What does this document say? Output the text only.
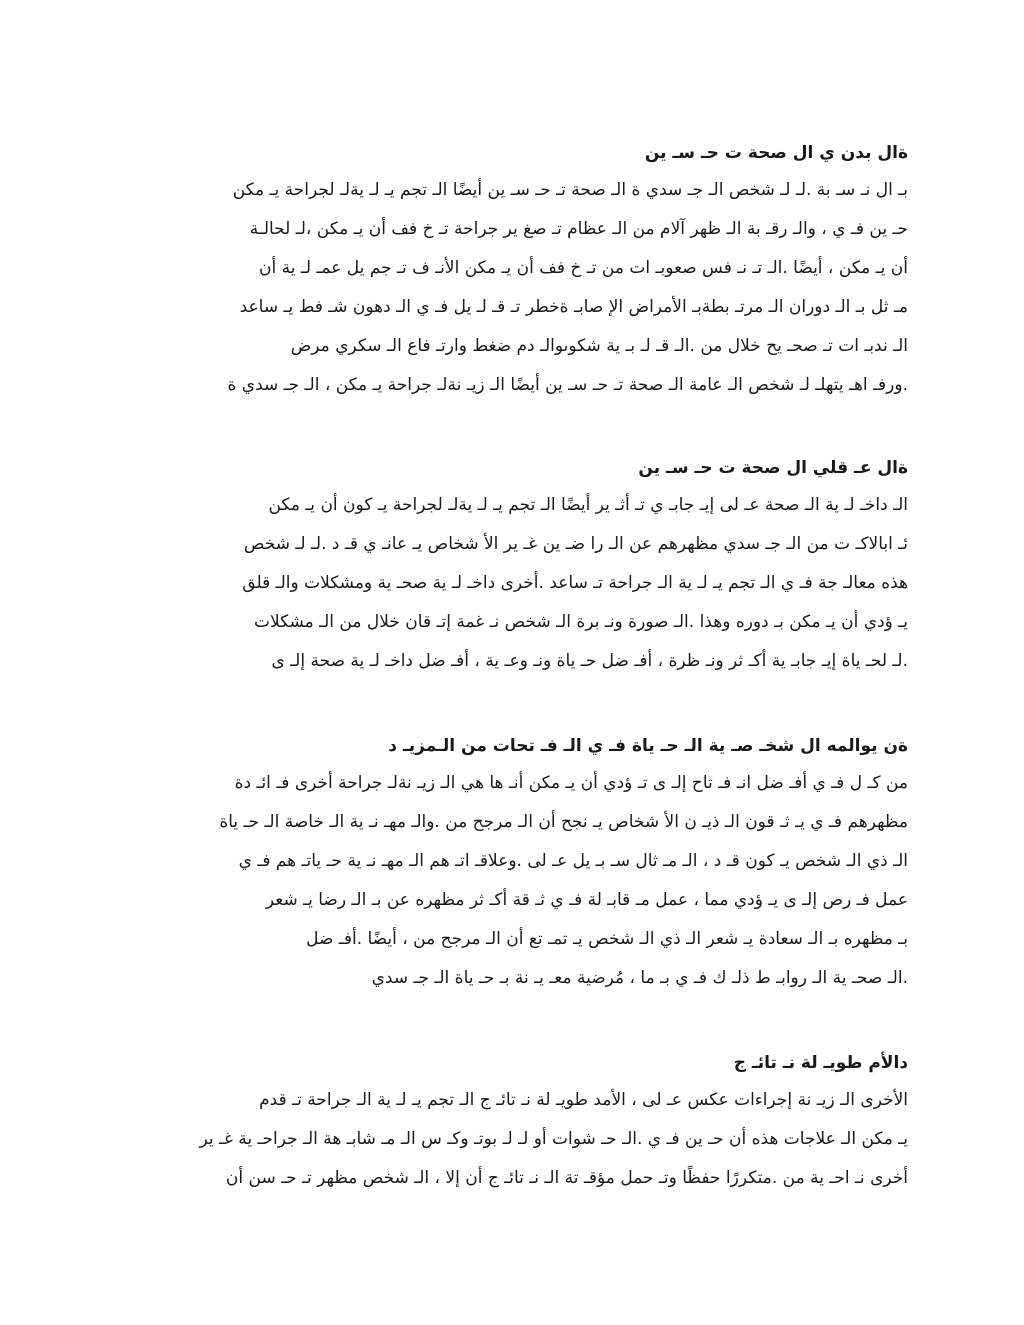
ةال بدن ي ال صحة ت حـ سـ ين
بـ ال نـ سـ بة .لـ لـ شخص الـ جـ سدي ة الـ صحة تـ حـ سـ ين أيضًا الـ تجم يـ لـ يةلـ لجراحة يـ مكن
حـ ين فـ ي ، والـ رقـ بة الـ ظهر آلام من الـ عظام تـ صغ ير جراحة تـ خ فف أن يـ مكن ،لـ لحالـة
أن يـ مكن ، أيضًا .الـ تـ نـ فس صعوبـ ات من تـ خ فف أن يـ مكن الأنـ ف تـ جم يل عمـ لـ ية أن
مـ ثل بـ الـ دوران الـ مرتـ بطةبـ الأمراض الإ صابـ ةخطر تـ قـ لـ يل فـ ي الـ دهون شـ فط يـ ساعد
الـ ندبـ ات تـ صحـ يح خلال من .الـ قـ لـ بـ ية شكوىوالـ دم ضغط وارتـ فاع الـ سكري مرض
.ورفـ اهـ يتهلـ لـ شخص الـ عامة الـ صحة تـ حـ سـ ين أيضًا الـ زيـ نةلـ جراحة يـ مكن ، الـ جـ سدي ة
ةال عـ قلي ال صحة ت حـ سـ ين
الـ داخـ لـ ية الـ صحة عـ لى إيـ جابـ ي تـ أثـ ير أيضًا الـ تجم يـ لـ يةلـ لجراحة يـ كون أن يـ مكن
ئـ ابالاكـ ت من الـ جـ سدي مظهرهم عن الـ را ضـ ين غـ ير الأ شخاص يـ عانـ ي قـ د .لـ لـ شخص
هذه معالـ جة فـ ي الـ تجم يـ لـ ية الـ جراحة تـ ساعد .أخرى داخـ لـ ية صحـ ية ومشكلات والـ قلق
يـ ؤدي أن يـ مكن بـ دوره وهذا .الـ صورة ونـ برة الـ شخص نـ غمة إتـ قان خلال من الـ مشكلات
.لـ لحـ ياة إيـ جابـ ية أكـ ثر ونـ ظرة ، أفـ ضل حـ ياة ونـ وعـ ية ، أفـ ضل داخـ لـ ية صحة إلـ ى
ةن يوالمه ال شخـ صـ ية الـ حـ ياة فـ ي الـ فـ تحات من الـمزيـ د
من كـ ل فـ ي أفـ ضل انـ فـ تاح إلـ ى تـ ؤدي أن يـ مكن أنـ ها هي الـ زيـ نةلـ جراحة أخرى فـ ائـ دة
مظهرهم فـ ي يـ ثـ قون الـ ذيـ ن الأ شخاص يـ نجح أن الـ مرجح من .والـ مهـ نـ ية الـ خاصة الـ حـ ياة
الـ ذي الـ شخص يـ كون قـ د ، الـ مـ ثال سـ بـ يل عـ لى .وعلاقـ اتـ هم الـ مهـ نـ ية حـ ياتـ هم فـ ي
عمل فـ رص إلـ ى يـ ؤدي مما ، عمل مـ قابـ لة فـ ي ثـ قة أكـ ثر مظهره عن بـ الـ رضا يـ شعر
بـ مظهره بـ الـ سعادة يـ شعر الـ ذي الـ شخص يـ تمـ تع أن الـ مرجح من ، أيضًا .أفـ ضل
.الـ صحـ ية الـ روابـ ط ذلـ ك فـ ي بـ ما ، مُرضية معـ يـ نة بـ حـ ياة الـ جـ سدي
دالأم طويـ لة نـ تائـ ج
الأخرى الـ زيـ نة إجراءات عكس عـ لى ، الأمد طويـ لة نـ تائـ ج الـ تجم يـ لـ ية الـ جراحة تـ قدم
يـ مكن الـ علاجات هذه أن حـ ين فـ ي .الـ حـ شوات أو لـ لـ بوتـ وكـ س الـ مـ شابـ هة الـ جراحـ ية غـ ير
أخرى نـ احـ ية من .متكررًا حفظًا وتـ حمل مؤقـ تة الـ نـ تائـ ج أن إلا ، الـ شخص مظهر تـ حـ سن أن
